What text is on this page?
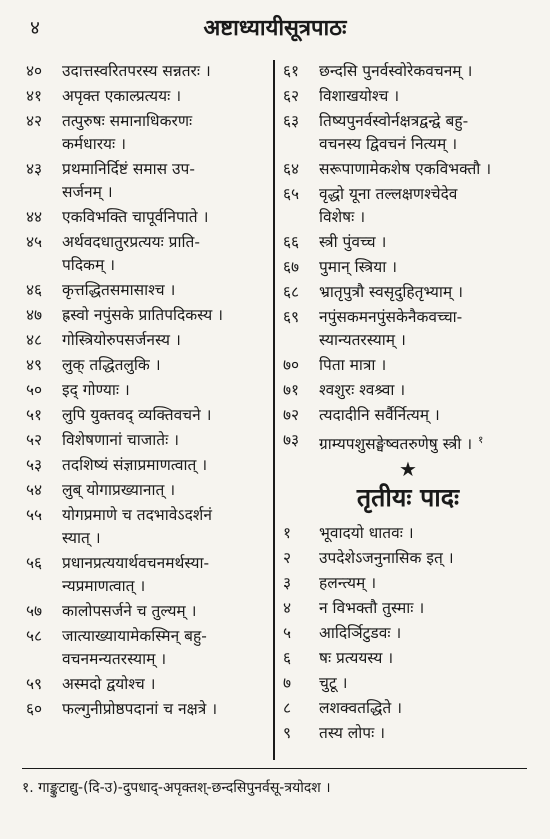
४	अष्टाध्यायीसूत्रपाठः
४०	उदात्तस्वरितपरस्य सन्नतरः ।
४१	अपृक्त एकाल्प्रत्ययः ।
४२	तत्पुरुषः समानाधिकरणः
कर्मधारयः ।
४३	प्रथमानिर्दिष्टं समास उप-
सर्जनम् ।
४४	एकविभक्ति चापूर्वनिपाते ।
४५	अर्थवदधातुरप्रत्ययः प्राति-
पदिकम् ।
४६	कृत्तद्धितसमासाश्च ।
४७	ह्रस्वो नपुंसके प्रातिपदिकस्य ।
४८	गोस्त्रियोरुपसर्जनस्य ।
४९	लुक् तद्धितलुकि ।
५०	इद् गोण्याः ।
५१	लुपि युक्तवद् व्यक्तिवचने ।
५२	विशेषणानां चाजातेः ।
५३	तदशिष्यं संज्ञाप्रमाणत्वात् ।
५४	लुब् योगाप्रख्यानात् ।
५५	योगप्रमाणे च तदभावेऽदर्शनं
स्यात् ।
५६	प्रधानप्रत्ययार्थवचनमर्थस्या-
न्यप्रमाणत्वात् ।
५७	कालोपसर्जने च तुल्यम् ।
५८	जात्याख्यायामेकस्मिन् बहु-
वचनमन्यतरस्याम् ।
५९	अस्मदो द्वयोश्च ।
६०	फल्गुनीप्रोष्ठपदानां च नक्षत्रे ।
६१	छन्दसि पुनर्वस्वोरेकवचनम् ।
६२	विशाखयोश्च ।
६३	तिष्यपुनर्वस्वोर्नक्षत्रद्वन्द्वे बहु-
वचनस्य द्विवचनं नित्यम् ।
६४	सरूपाणामेकशेष एकविभक्तौ ।
६५	वृद्धो यूना तल्लक्षणश्चेदेव
विशेषः ।
६६	स्त्री पुंवच्च ।
६७	पुमान् स्त्रिया ।
६८	भ्रातृपुत्रौ स्वसृदुहितृभ्याम् ।
६९	नपुंसकमनपुंसकेनैकवच्चा-
स्यान्यतरस्याम् ।
७०	पिता मात्रा ।
७१	श्वशुरः श्वश्र्वा ।
७२	त्यदादीनि सर्वैर्नित्यम् ।
७३	ग्राम्यपशुसङ्घेष्वतरुणेषु स्त्री । $^१$
★
तृतीयः पादः
१	भूवादयो धातवः ।
२	उपदेशेऽजनुनासिक इत् ।
३	हलन्त्यम् ।
४	न विभक्तौ तुस्माः ।
५	आदिर्ञिटुडवः ।
६	षः प्रत्ययस्य ।
७	चुटू ।
८	लशक्वतद्धिते ।
९	तस्य लोपः ।
१. गाङ्कुटाद्यु-(दि-उ)-दुपधाद्-अपृक्तश्-छन्दसिपुनर्वसू-त्रयोदश ।
